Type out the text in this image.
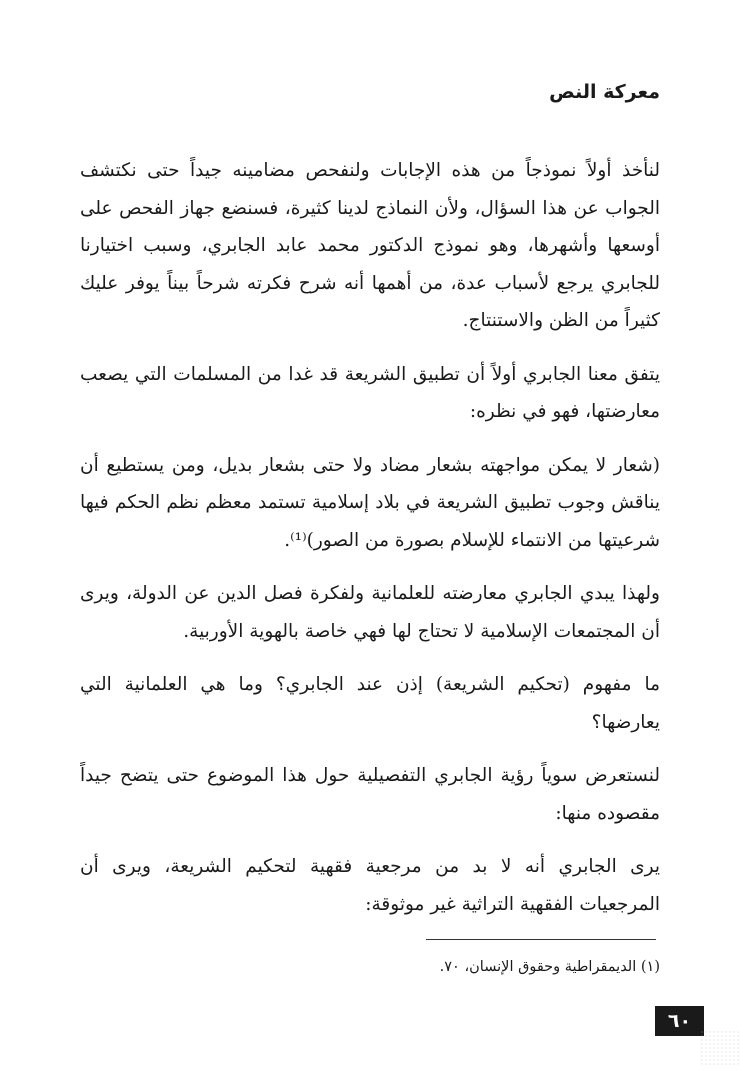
معركة النص

لنأخذ أولاً نموذجاً من هذه الإجابات ولنفحص مضامينه جيداً حتى نكتشف الجواب عن هذا السؤال، ولأن النماذج لدينا كثيرة، فسنضع جهاز الفحص على أوسعها وأشهرها، وهو نموذج الدكتور محمد عابد الجابري، وسبب اختيارنا للجابري يرجع لأسباب عدة، من أهمها أنه شرح فكرته شرحاً بيناً يوفر عليك كثيراً من الظن والاستنتاج.

يتفق معنا الجابري أولاً أن تطبيق الشريعة قد غدا من المسلمات التي يصعب معارضتها، فهو في نظره:

(شعار لا يمكن مواجهته بشعار مضاد ولا حتى بشعار بديل، ومن يستطيع أن يناقش وجوب تطبيق الشريعة في بلاد إسلامية تستمد معظم نظم الحكم فيها شرعيتها من الانتماء للإسلام بصورة من الصور)⁽¹⁾.

ولهذا يبدي الجابري معارضته للعلمانية ولفكرة فصل الدين عن الدولة، ويرى أن المجتمعات الإسلامية لا تحتاج لها فهي خاصة بالهوية الأوربية.

ما مفهوم (تحكيم الشريعة) إذن عند الجابري؟ وما هي العلمانية التي يعارضها؟

لنستعرض سوياً رؤية الجابري التفصيلية حول هذا الموضوع حتى يتضح جيداً مقصوده منها:

يرى الجابري أنه لا بد من مرجعية فقهية لتحكيم الشريعة، ويرى أن المرجعيات الفقهية التراثية غير موثوقة:

(١) الديمقراطية وحقوق الإنسان، ٧٠.
٦٠
